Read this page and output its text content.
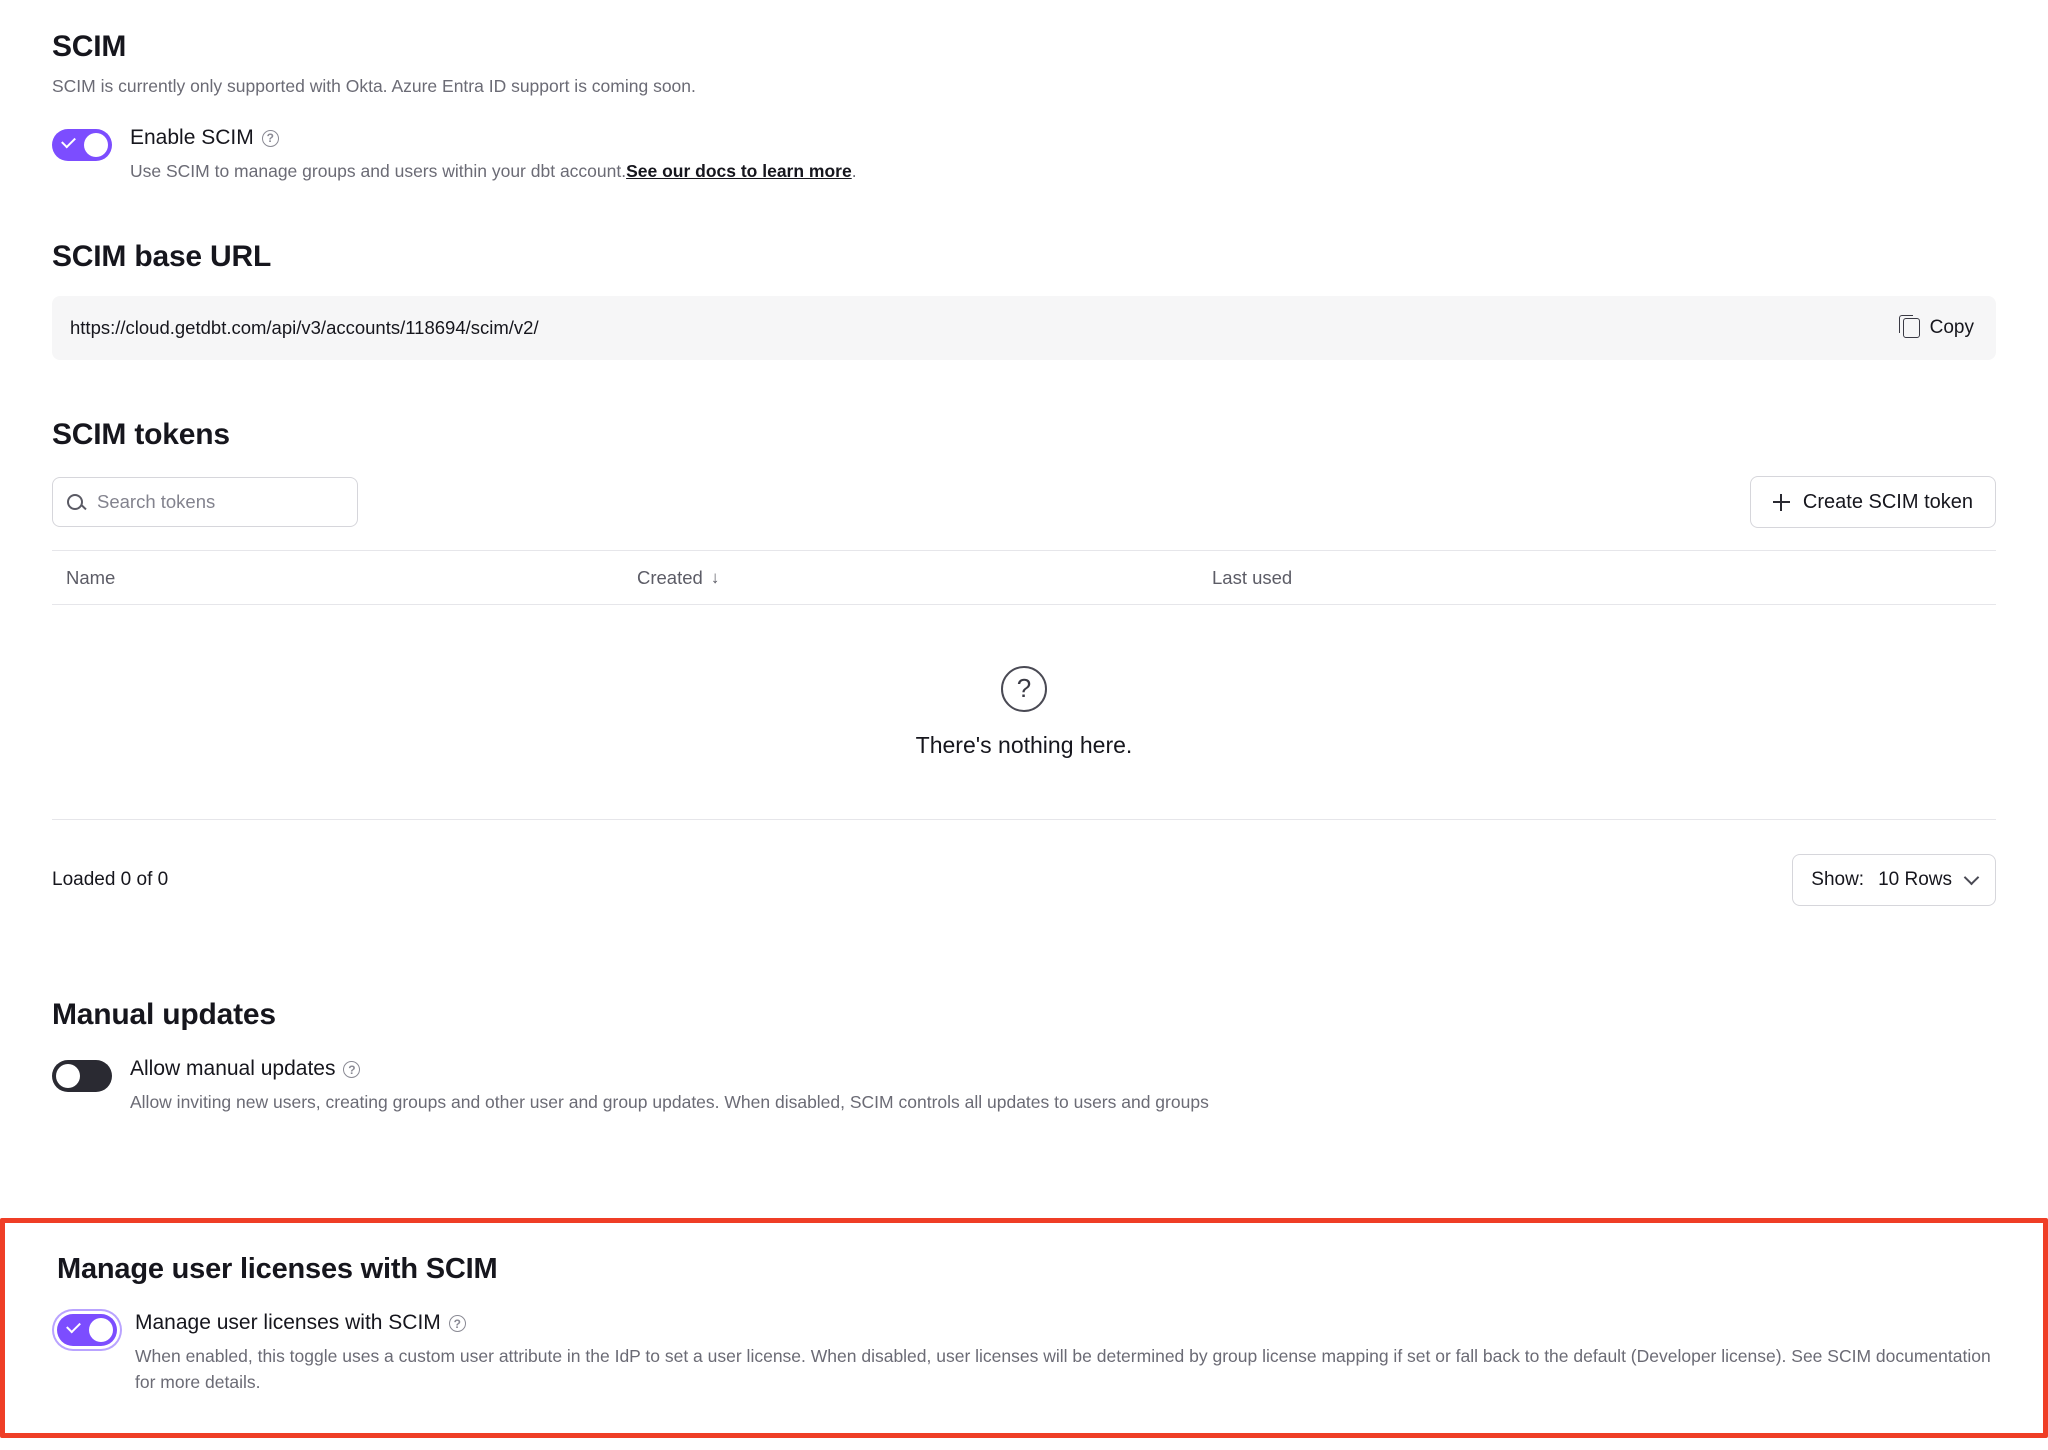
SCIM

SCIM is currently only supported with Okta. Azure Entra ID support is coming soon.

Enable SCIM	?
Use SCIM to manage groups and users within your dbt account.See our docs to learn more.
SCIM base URL
https://cloud.getdbt.com/api/v3/accounts/118694/scim/v2/	Copy
SCIM tokens
Search tokens
Create SCIM token
Name	Created ↓	Last used
?
There's nothing here.
Loaded 0 of 0	Show: 10 Rows
Manual updates
Allow manual updates	?
Allow inviting new users, creating groups and other user and group updates. When disabled, SCIM controls all updates to users and groups
Manage user licenses with SCIM
Manage user licenses with SCIM	?
When enabled, this toggle uses a custom user attribute in the IdP to set a user license. When disabled, user licenses will be determined by group license mapping if set or fall back to the default (Developer license). See SCIM documentation for more details.
